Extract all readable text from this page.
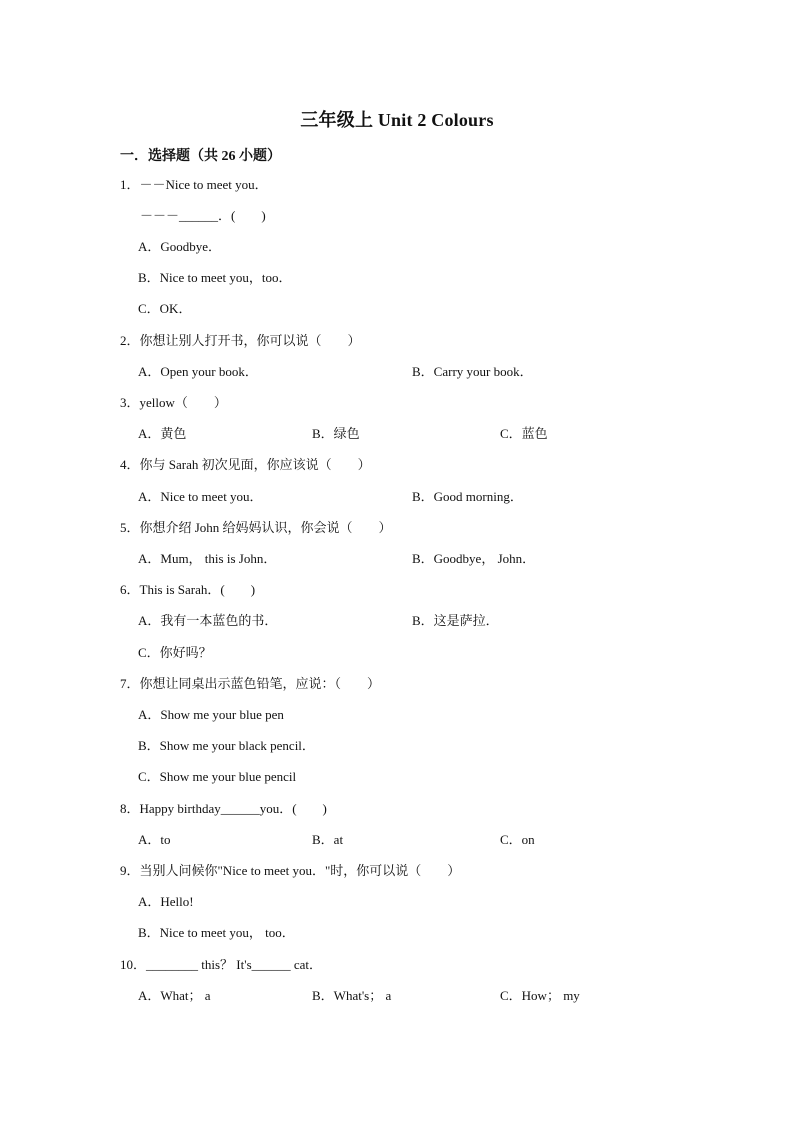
三年级上 Unit 2 Colours
一．选择题（共 26 小题）
1．－－Nice to meet you．
－－－______．(　　)
A．Goodbye．
B．Nice to meet you，too．
C．OK．
2．你想让别人打开书，你可以说（　　）
A．Open your book．	B．Carry your book．
3．yellow（　　）
A．黄色	B．绿色	C．蓝色
4．你与 Sarah 初次见面，你应该说（　　）
A．Nice to meet you．	B．Good morning．
5．你想介绍 John 给妈妈认识，你会说（　　）
A．Mum， this is John．	B．Goodbye， John．
6．This is Sarah．(　　)
A．我有一本蓝色的书．	B．这是萨拉．
C．你好吗？
7．你想让同桌出示蓝色铅笔，应说：（　　）
A．Show me your blue pen
B．Show me your black pencil．
C．Show me your blue pencil
8．Happy birthday______you．(　　)
A．to	B．at	C．on
9．当别人问候你"Nice to meet you．"时，你可以说（　　）
A．Hello!
B．Nice to meet you， too．
10．________ this？ It's______ cat．
A．What； a	B．What's； a	C．How； my
